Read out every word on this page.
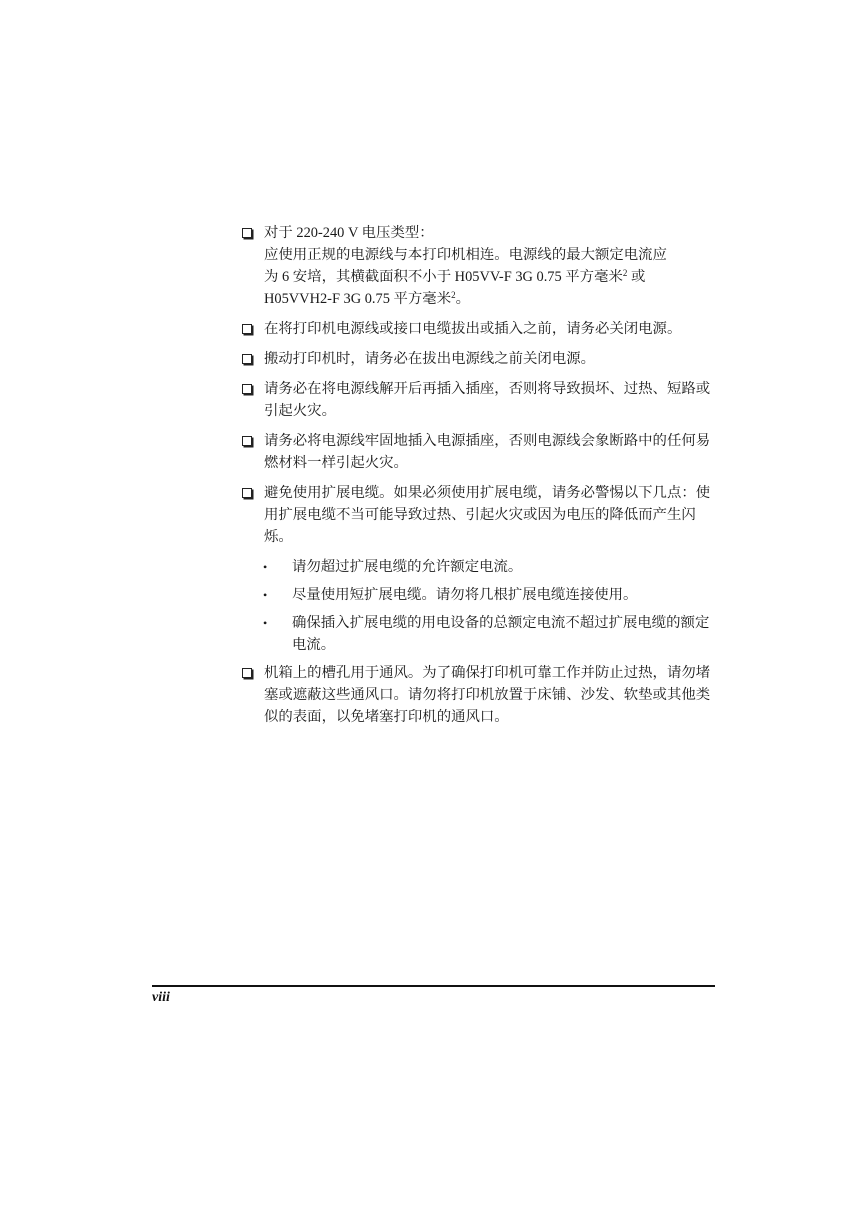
对于 220-240 V 电压类型：
应使用正规的电源线与本打印机相连。电源线的最大额定电流应
为 6 安培，其横截面积不小于 H05VV-F 3G 0.75 平方毫米$^2$ 或
H05VVH2-F 3G 0.75 平方毫米$^2$。
在将打印机电源线或接口电缆拔出或插入之前，请务必关闭电源。
搬动打印机时，请务必在拔出电源线之前关闭电源。
请务必在将电源线解开后再插入插座，否则将导致损坏、过热、短路或引起火灾。
请务必将电源线牢固地插入电源插座，否则电源线会象断路中的任何易燃材料一样引起火灾。
避免使用扩展电缆。如果必须使用扩展电缆，请务必警惕以下几点：使用扩展电缆不当可能导致过热、引起火灾或因为电压的降低而产生闪烁。
• 请勿超过扩展电缆的允许额定电流。
• 尽量使用短扩展电缆。请勿将几根扩展电缆连接使用。
• 确保插入扩展电缆的用电设备的总额定电流不超过扩展电缆的额定电流。
机箱上的槽孔用于通风。为了确保打印机可靠工作并防止过热，请勿堵塞或遮蔽这些通风口。请勿将打印机放置于床铺、沙发、软垫或其他类似的表面，以免堵塞打印机的通风口。
viii
